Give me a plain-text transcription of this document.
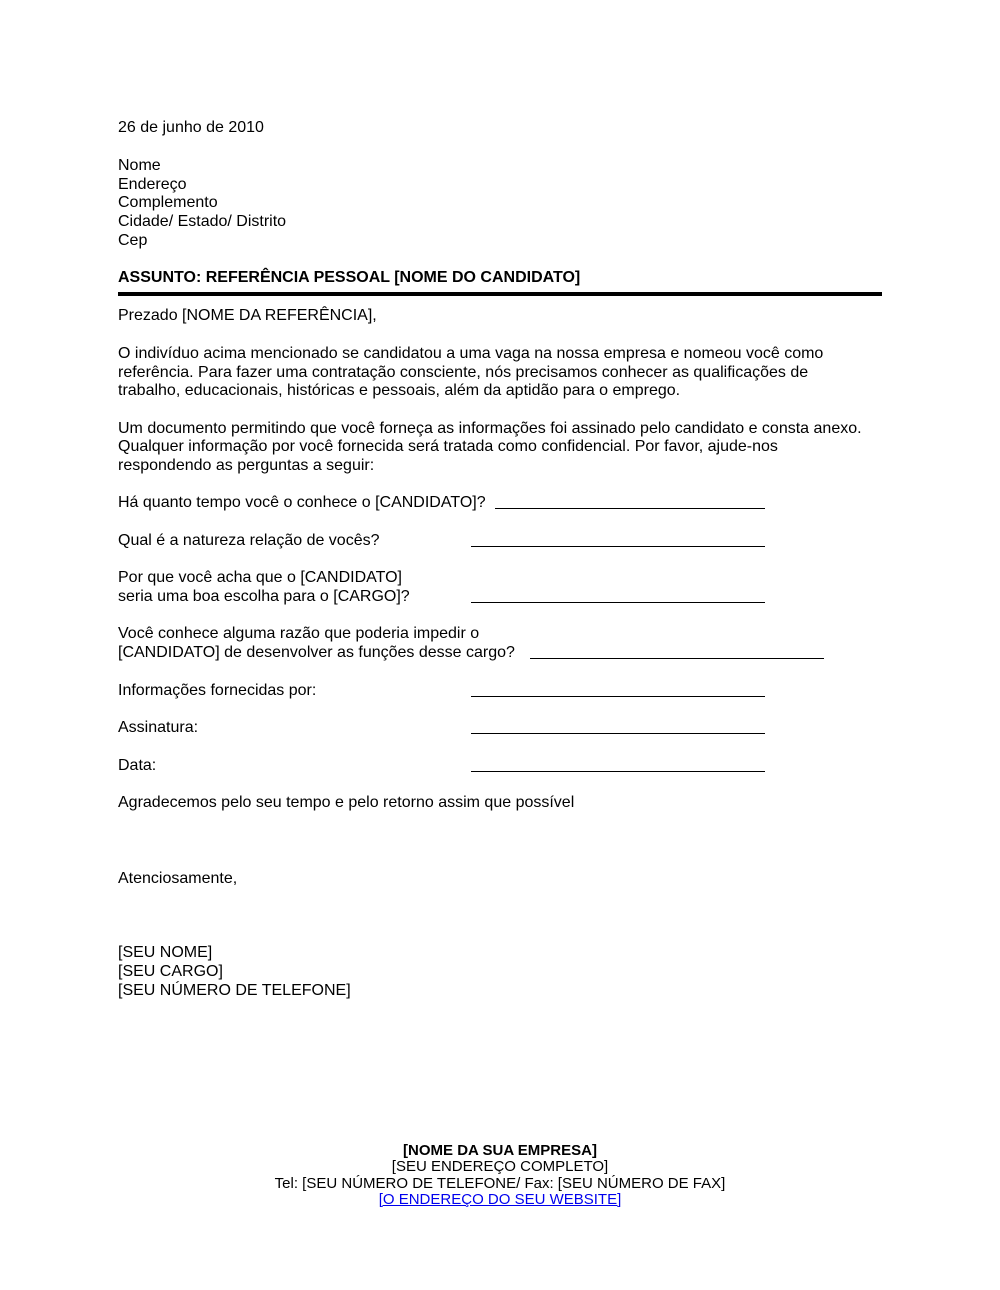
26 de junho de 2010
Nome
Endereço
Complemento
Cidade/ Estado/ Distrito
Cep
ASSUNTO: REFERÊNCIA PESSOAL [NOME DO CANDIDATO]
Prezado [NOME DA REFERÊNCIA],
O indivíduo acima mencionado se candidatou a uma vaga na nossa empresa e nomeou você como
referência. Para fazer uma contratação consciente, nós precisamos conhecer as qualificações de
trabalho, educacionais, históricas e pessoais, além da aptidão para o emprego.
Um documento permitindo que você forneça as informações foi assinado pelo candidato e consta anexo.
Qualquer informação por você fornecida será tratada como confidencial. Por favor, ajude-nos
respondendo as perguntas a seguir:
Há quanto tempo você o conhece o [CANDIDATO]?
Qual é a natureza relação de vocês?
Por que você acha que o [CANDIDATO]
seria uma boa escolha para o [CARGO]?
Você conhece alguma razão que poderia impedir o
[CANDIDATO] de desenvolver as funções desse cargo?
Informações fornecidas por:
Assinatura:
Data:
Agradecemos pelo seu tempo e pelo retorno assim que possível
Atenciosamente,
[SEU NOME]
[SEU CARGO]
[SEU NÚMERO DE TELEFONE]
[NOME DA SUA EMPRESA]
[SEU ENDEREÇO COMPLETO]
Tel: [SEU NÚMERO DE TELEFONE/ Fax: [SEU NÚMERO DE FAX]
[O ENDEREÇO DO SEU WEBSITE]
